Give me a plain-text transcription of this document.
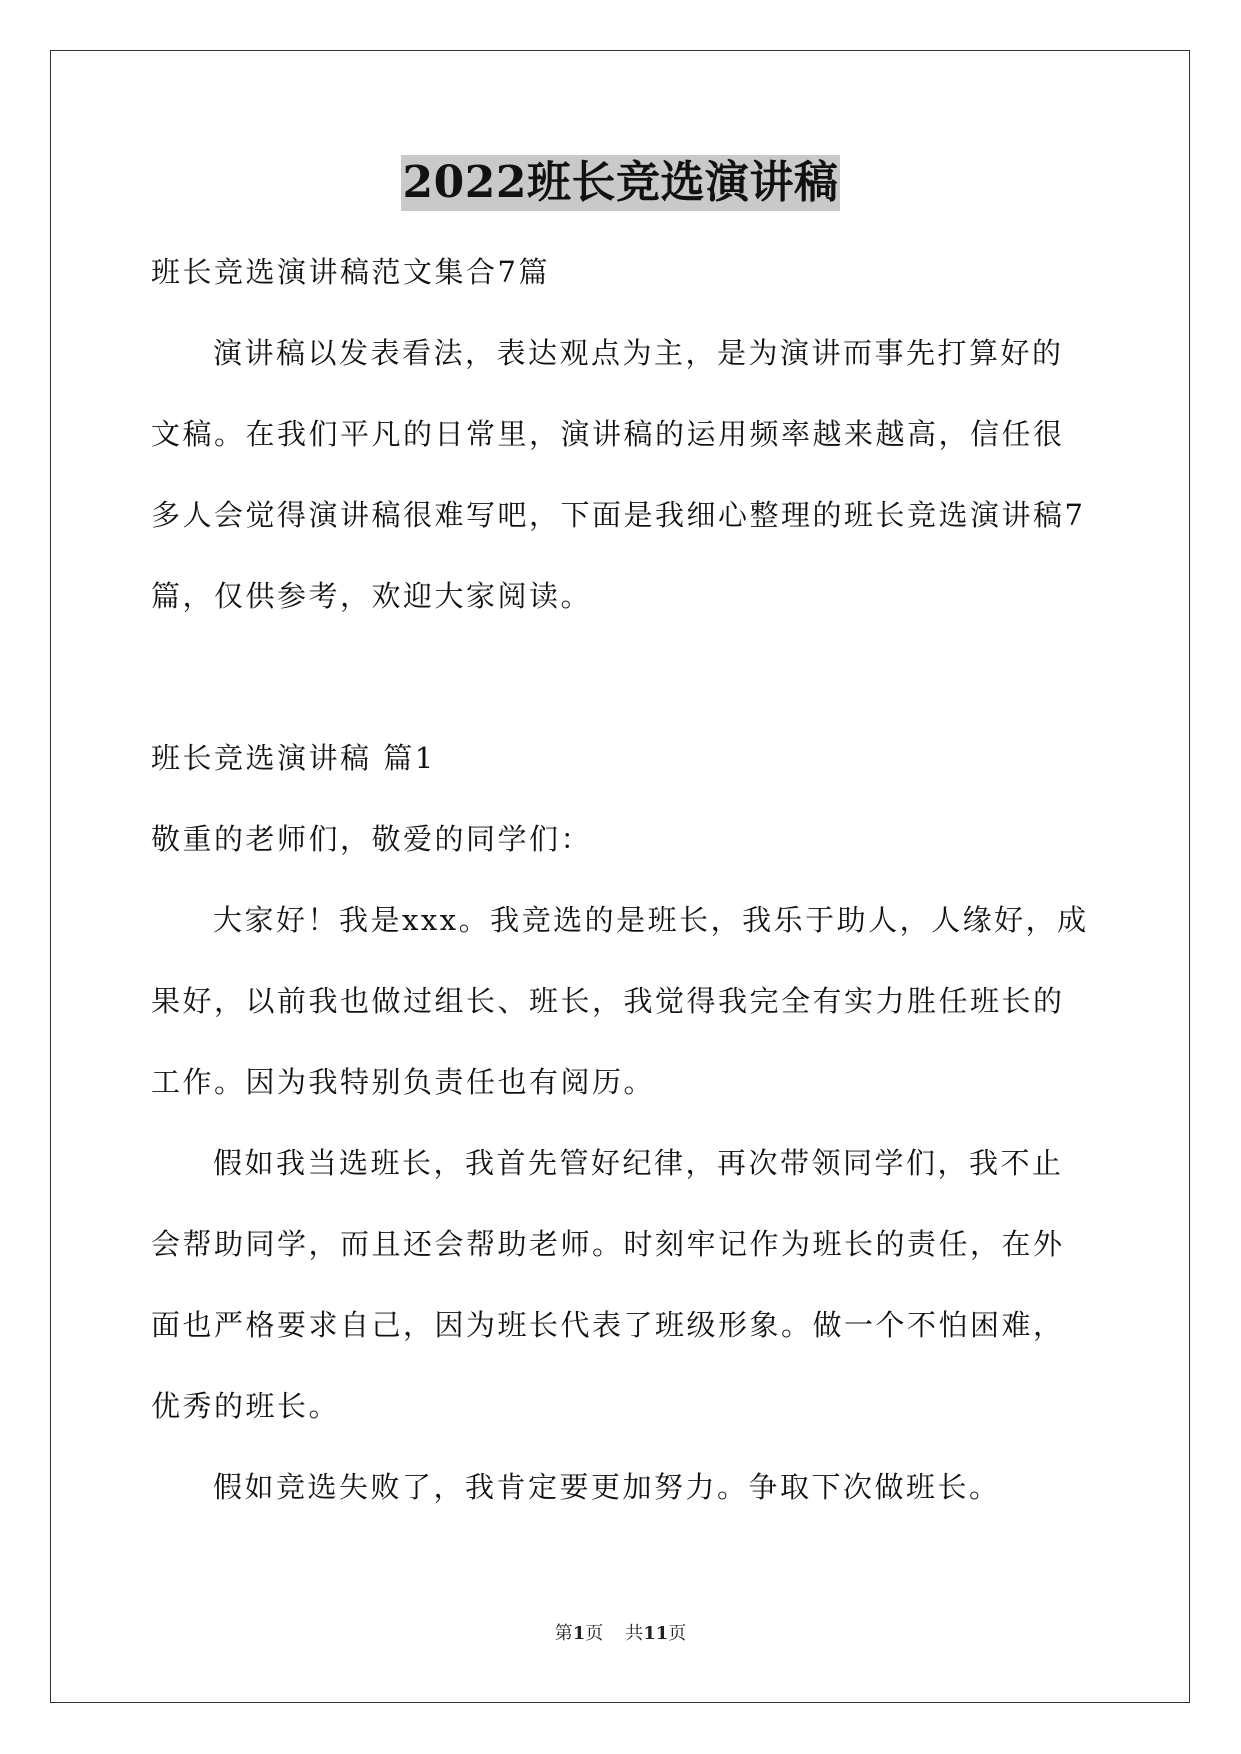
2022班长竞选演讲稿

班长竞选演讲稿范文集合7篇

演讲稿以发表看法，表达观点为主，是为演讲而事先打算好的文稿。在我们平凡的日常里，演讲稿的运用频率越来越高，信任很多人会觉得演讲稿很难写吧，下面是我细心整理的班长竞选演讲稿7篇，仅供参考，欢迎大家阅读。

班长竞选演讲稿 篇1

敬重的老师们，敬爱的同学们：

大家好！我是xxx。我竞选的是班长，我乐于助人，人缘好，成果好，以前我也做过组长、班长，我觉得我完全有实力胜任班长的工作。因为我特别负责任也有阅历。

假如我当选班长，我首先管好纪律，再次带领同学们，我不止会帮助同学，而且还会帮助老师。时刻牢记作为班长的责任，在外面也严格要求自己，因为班长代表了班级形象。做一个不怕困难，优秀的班长。

假如竞选失败了，我肯定要更加努力。争取下次做班长。

第1页 共11页
